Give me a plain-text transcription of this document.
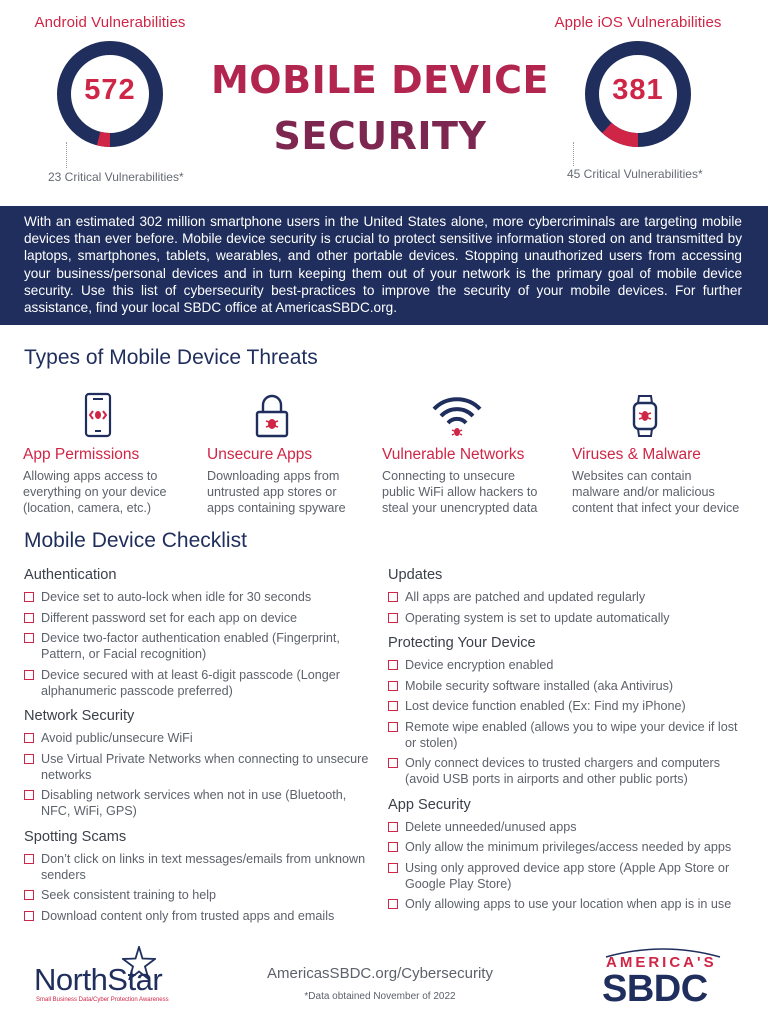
Android Vulnerabilities
572
23 Critical Vulnerabilities*
MOBILE DEVICE
SECURITY
Apple iOS Vulnerabilities
381
45 Critical Vulnerabilities*

With an estimated 302 million smartphone users in the United States alone, more cybercriminals are targeting mobile devices than ever before. Mobile device security is crucial to protect sensitive information stored on and transmitted by laptops, smartphones, tablets, wearables, and other portable devices. Stopping unauthorized users from accessing your business/personal devices and in turn keeping them out of your network is the primary goal of mobile device security. Use this list of cybersecurity best-practices to improve the security of your mobile devices. For further assistance, find your local SBDC office at AmericasSBDC.org.

Types of Mobile Device Threats
App Permissions
Allowing apps access to
everything on your device
(location, camera, etc.)
Unsecure Apps
Downloading apps from
untrusted app stores or
apps containing spyware
Vulnerable Networks
Connecting to unsecure
public WiFi allow hackers to
steal your unencrypted data
Viruses & Malware
Websites can contain
malware and/or malicious
content that infect your device
Mobile Device Checklist
Authentication
Device set to auto-lock when idle for 30 seconds
Different password set for each app on device
Device two-factor authentication enabled (Fingerprint, Pattern, or Facial recognition)
Device secured with at least 6-digit passcode (Longer alphanumeric passcode preferred)
Network Security
Avoid public/unsecure WiFi
Use Virtual Private Networks when connecting to unsecure networks
Disabling network services when not in use (Bluetooth, NFC, WiFi, GPS)
Spotting Scams
Don’t click on links in text messages/emails from unknown senders
Seek consistent training to help
Download content only from trusted apps and emails
Updates
All apps are patched and updated regularly
Operating system is set to update automatically
Protecting Your Device
Device encryption enabled
Mobile security software installed (aka Antivirus)
Lost device function enabled (Ex: Find my iPhone)
Remote wipe enabled (allows you to wipe your device if lost or stolen)
Only connect devices to trusted chargers and computers (avoid USB ports in airports and other public ports)
App Security
Delete unneeded/unused apps
Only allow the minimum privileges/access needed by apps
Using only approved device app store (Apple App Store or Google Play Store)
Only allowing apps to use your location when app is in use
NorthStar
Small Business Data/Cyber Protection Awareness
AmericasSBDC.org/Cybersecurity
*Data obtained November of 2022
AMERICA'S
SBDC
